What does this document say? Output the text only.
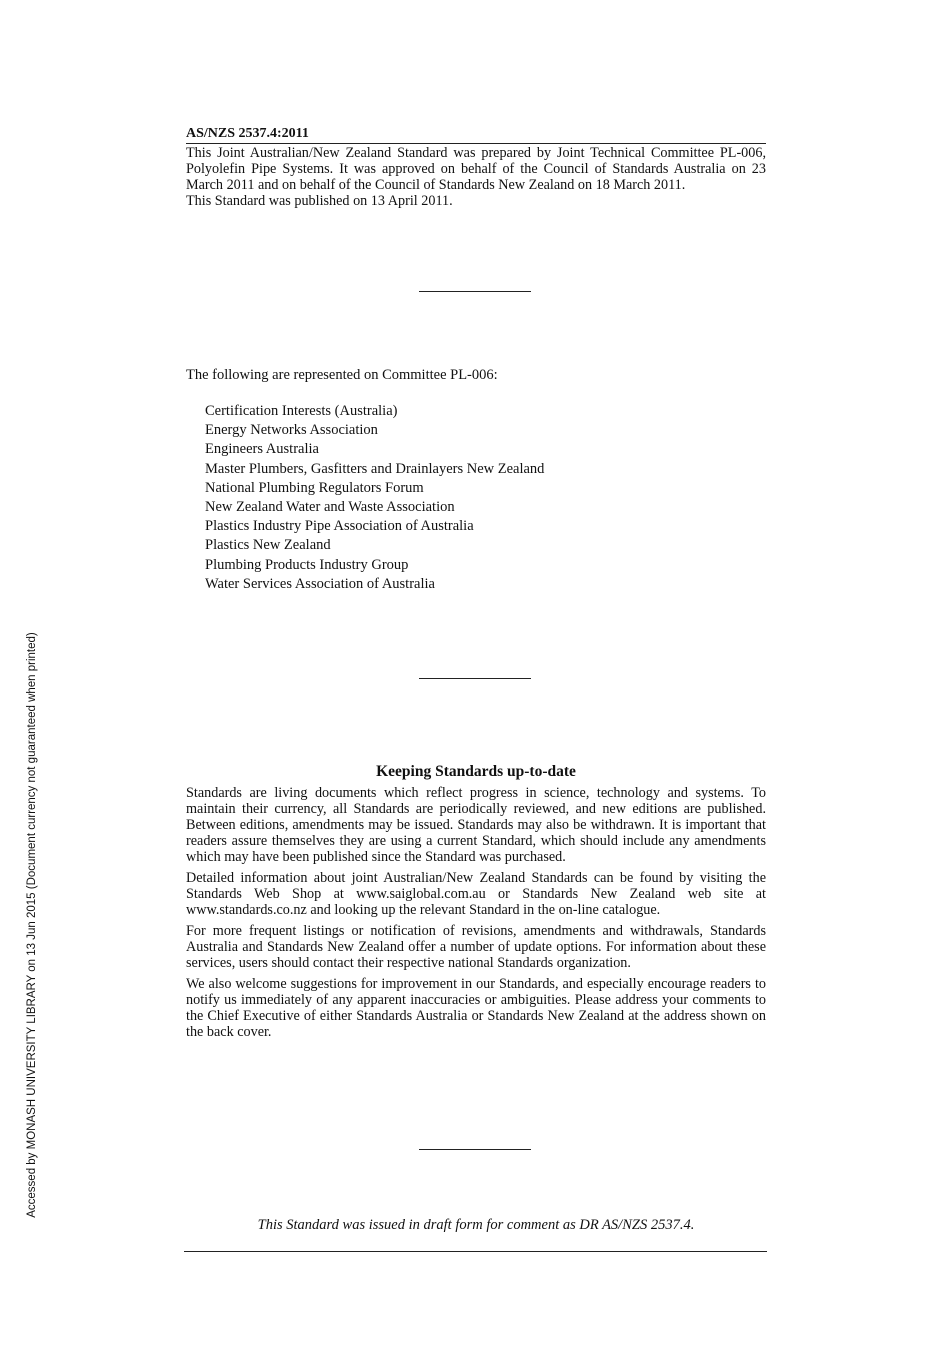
AS/NZS 2537.4:2011

This Joint Australian/New Zealand Standard was prepared by Joint Technical Committee PL-006, Polyolefin Pipe Systems. It was approved on behalf of the Council of Standards Australia on 23 March 2011 and on behalf of the Council of Standards New Zealand on 18 March 2011.

This Standard was published on 13 April 2011.

The following are represented on Committee PL-006:
Certification Interests (Australia)
Energy Networks Association
Engineers Australia
Master Plumbers, Gasfitters and Drainlayers New Zealand
National Plumbing Regulators Forum
New Zealand Water and Waste Association
Plastics Industry Pipe Association of Australia
Plastics New Zealand
Plumbing Products Industry Group
Water Services Association of Australia
Keeping Standards up-to-date

Standards are living documents which reflect progress in science, technology and systems. To maintain their currency, all Standards are periodically reviewed, and new editions are published. Between editions, amendments may be issued. Standards may also be withdrawn. It is important that readers assure themselves they are using a current Standard, which should include any amendments which may have been published since the Standard was purchased.

Detailed information about joint Australian/New Zealand Standards can be found by visiting the Standards Web Shop at www.saiglobal.com.au or Standards New Zealand web site at www.standards.co.nz and looking up the relevant Standard in the on-line catalogue.

For more frequent listings or notification of revisions, amendments and withdrawals, Standards Australia and Standards New Zealand offer a number of update options. For information about these services, users should contact their respective national Standards organization.

We also welcome suggestions for improvement in our Standards, and especially encourage readers to notify us immediately of any apparent inaccuracies or ambiguities. Please address your comments to the Chief Executive of either Standards Australia or Standards New Zealand at the address shown on the back cover.

This Standard was issued in draft form for comment as DR AS/NZS 2537.4.
Accessed by MONASH UNIVERSITY LIBRARY on 13 Jun 2015 (Document currency not guaranteed when printed)
